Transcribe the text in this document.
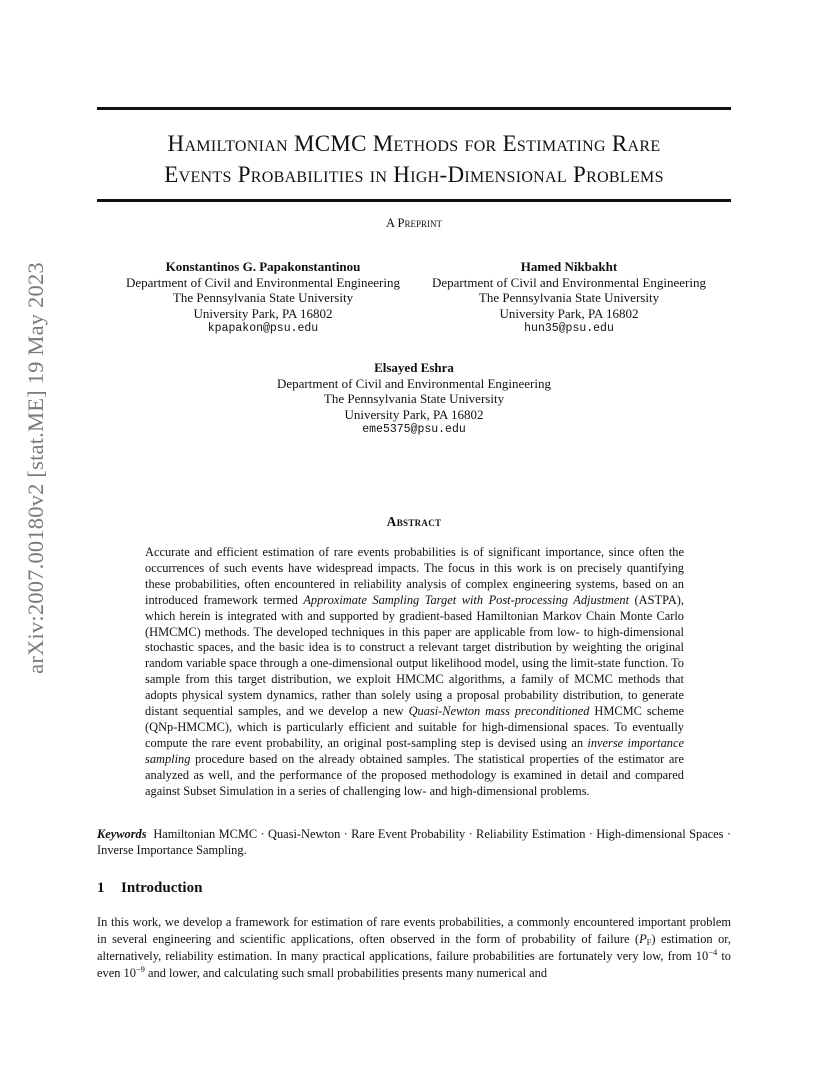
arXiv:2007.00180v2 [stat.ME] 19 May 2023
Hamiltonian MCMC Methods for Estimating Rare
Events Probabilities in High-Dimensional Problems
A Preprint
Konstantinos G. Papakonstantinou
Department of Civil and Environmental Engineering
The Pennsylvania State University
University Park, PA 16802
kpapakon@psu.edu
Hamed Nikbakht
Department of Civil and Environmental Engineering
The Pennsylvania State University
University Park, PA 16802
hun35@psu.edu
Elsayed Eshra
Department of Civil and Environmental Engineering
The Pennsylvania State University
University Park, PA 16802
eme5375@psu.edu
Abstract
Accurate and efficient estimation of rare events probabilities is of significant importance, since often the occurrences of such events have widespread impacts. The focus in this work is on precisely quantifying these probabilities, often encountered in reliability analysis of complex engineering systems, based on an introduced framework termed Approximate Sampling Target with Post-processing Adjustment (ASTPA), which herein is integrated with and supported by gradient-based Hamiltonian Markov Chain Monte Carlo (HMCMC) methods. The developed techniques in this paper are applicable from low- to high-dimensional stochastic spaces, and the basic idea is to construct a relevant target distribution by weighting the original random variable space through a one-dimensional output likelihood model, using the limit-state function. To sample from this target distribution, we exploit HMCMC algorithms, a family of MCMC methods that adopts physical system dynamics, rather than solely using a proposal probability distribution, to generate distant sequential samples, and we develop a new Quasi-Newton mass preconditioned HMCMC scheme (QNp-HMCMC), which is particularly efficient and suitable for high-dimensional spaces. To eventually compute the rare event probability, an original post-sampling step is devised using an inverse importance sampling procedure based on the already obtained samples. The statistical properties of the estimator are analyzed as well, and the performance of the proposed methodology is examined in detail and compared against Subset Simulation in a series of challenging low- and high-dimensional problems.
Keywords Hamiltonian MCMC · Quasi-Newton · Rare Event Probability · Reliability Estimation · High-dimensional Spaces · Inverse Importance Sampling.
1 Introduction
In this work, we develop a framework for estimation of rare events probabilities, a commonly encountered important problem in several engineering and scientific applications, often observed in the form of probability of failure $(P_F)$ estimation or, alternatively, reliability estimation. In many practical applications, failure probabilities are fortunately very low, from $10^{-4}$ to even $10^{-9}$ and lower, and calculating such small probabilities presents many numerical and
